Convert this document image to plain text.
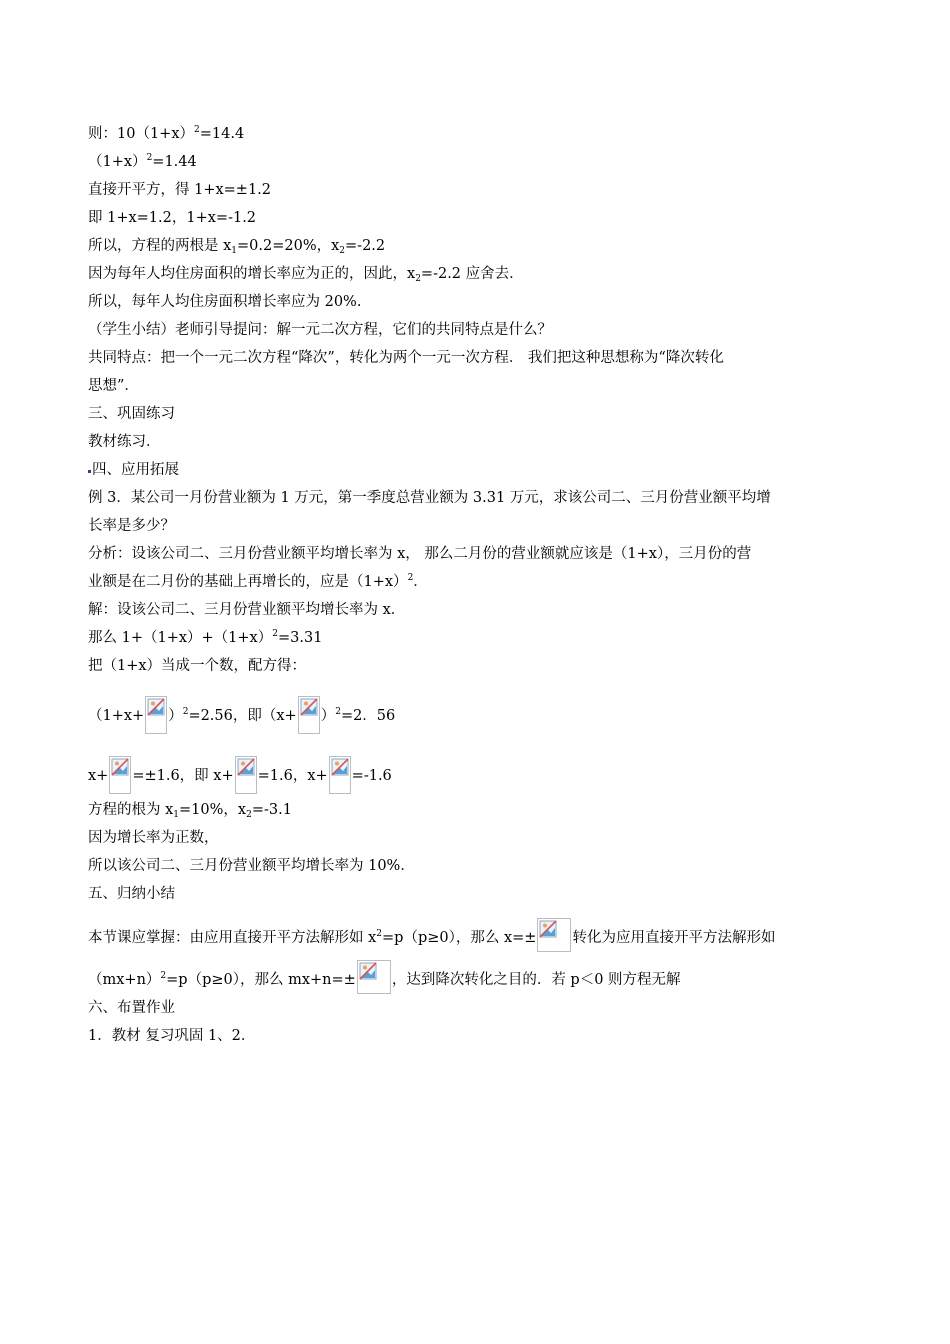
则：$10(1+x)^2=14.4$
$(1+x)^2=1.44$
直接开平方，得 1+x=±1.2
即 1+x=1.2，1+x=-1.2
所以，方程的两根是 $x_1=0.2=20\%$，$x_2=-2.2$
因为每年人均住房面积的增长率应为正的，因此，$x_2=-2.2$ 应舍去．
所以，每年人均住房面积增长率应为 20%.
（学生小结）老师引导提问：解一元二次方程，它们的共同特点是什么？
共同特点：把一个一元二次方程“降次”，转化为两个一元一次方程． 我们把这种思想称为“降次转化
思想”．
三、巩固练习
教材练习．
四、应用拓展
例 3．某公司一月份营业额为 1 万元，第一季度总营业额为 3.31 万元，求该公司二、三月份营业额平均增
长率是多少？
分析：设该公司二、三月份营业额平均增长率为 x， 那么二月份的营业额就应该是（1+x），三月份的营
业额是在二月份的基础上再增长的，应是$(1+x)^2$．
解：设该公司二、三月份营业额平均增长率为 x．
那么 $1+(1+x)+(1+x)^2=3.31$
把（1+x）当成一个数，配方得：
$(1+x+ )^2=2.56$，即$(x+ )^2=2$．56
x+ =±1.6，即 x+ =1.6，x+ =-1.6
方程的根为 $x_1=10\%$，$x_2=-3.1$
因为增长率为正数，
所以该公司二、三月份营业额平均增长率为 10%．
五、归纳小结
本节课应掌握：由应用直接开平方法解形如 $x^2=p(p\ge 0)$，那么 x=± 转化为应用直接开平方法解形如
$(mx+n)^2=p(p\ge 0)$，那么 mx+n=± ，达到降次转化之目的．若 p＜0 则方程无解
六、布置作业
1．教材 复习巩固 1、2．
